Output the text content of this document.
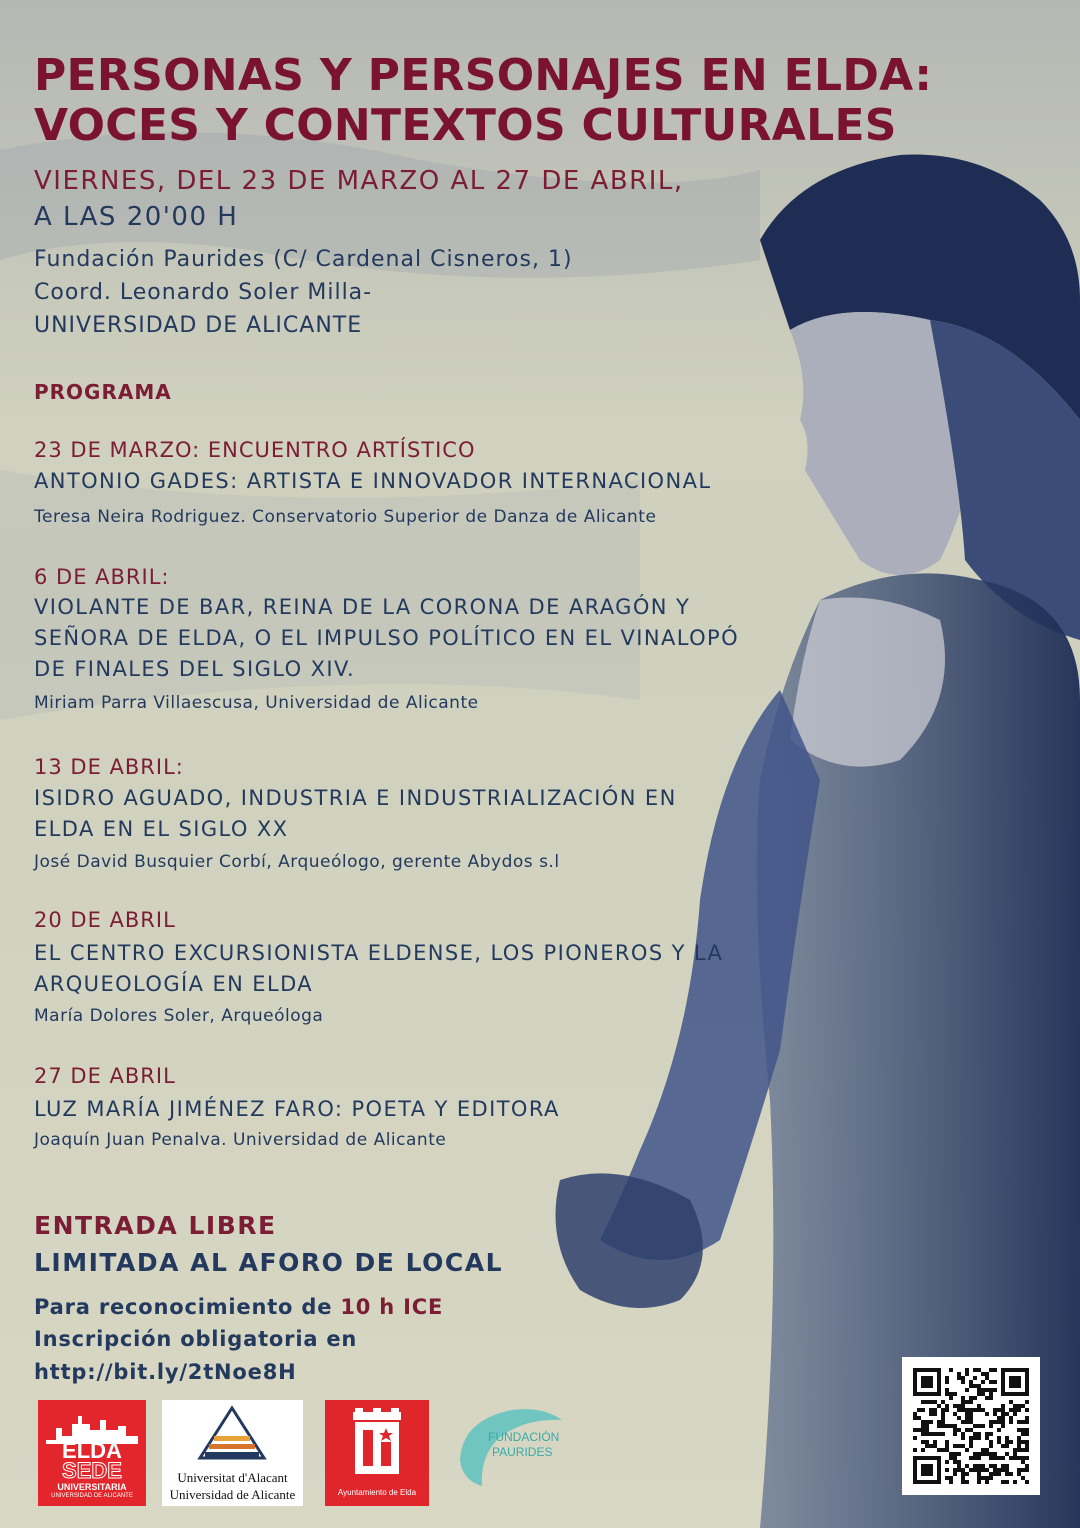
PERSONAS Y PERSONAJES EN ELDA:
VOCES Y CONTEXTOS CULTURALES
VIERNES, DEL 23 DE MARZO AL 27 DE ABRIL,
A LAS 20'00 H
Fundación Paurides (C/ Cardenal Cisneros, 1)
Coord. Leonardo Soler Milla-
UNIVERSIDAD DE ALICANTE
PROGRAMA
23 DE MARZO: ENCUENTRO ARTÍSTICO
ANTONIO GADES: ARTISTA E INNOVADOR INTERNACIONAL
Teresa Neira Rodriguez. Conservatorio Superior de Danza de Alicante
6 DE ABRIL:
VIOLANTE DE BAR, REINA DE LA CORONA DE ARAGÓN Y
SEÑORA DE ELDA, O EL IMPULSO POLÍTICO EN EL VINALOPÓ
DE FINALES DEL SIGLO XIV.
Miriam Parra Villaescusa, Universidad de Alicante
13 DE ABRIL:
ISIDRO AGUADO, INDUSTRIA E INDUSTRIALIZACIÓN EN
ELDA EN EL SIGLO XX
José David Busquier Corbí, Arqueólogo, gerente Abydos s.l
20 DE ABRIL
EL CENTRO EXCURSIONISTA ELDENSE, LOS PIONEROS Y LA
ARQUEOLOGÍA EN ELDA
María Dolores Soler, Arqueóloga
27 DE ABRIL
LUZ MARÍA JIMÉNEZ FARO: POETA Y EDITORA
Joaquín Juan Penalva. Universidad de Alicante
ENTRADA LIBRE
LIMITADA AL AFORO DE LOCAL
Para reconocimiento de 10 h ICE
Inscripción obligatoria en
http://bit.ly/2tNoe8H
ELDA
SEDE
UNIVERSITARIA
UNIVERSIDAD DE ALICANTE
Universitat d'Alacant
Universidad de Alicante	Ayuntamiento de Elda
FUNDACIÓN
PAURIDES
